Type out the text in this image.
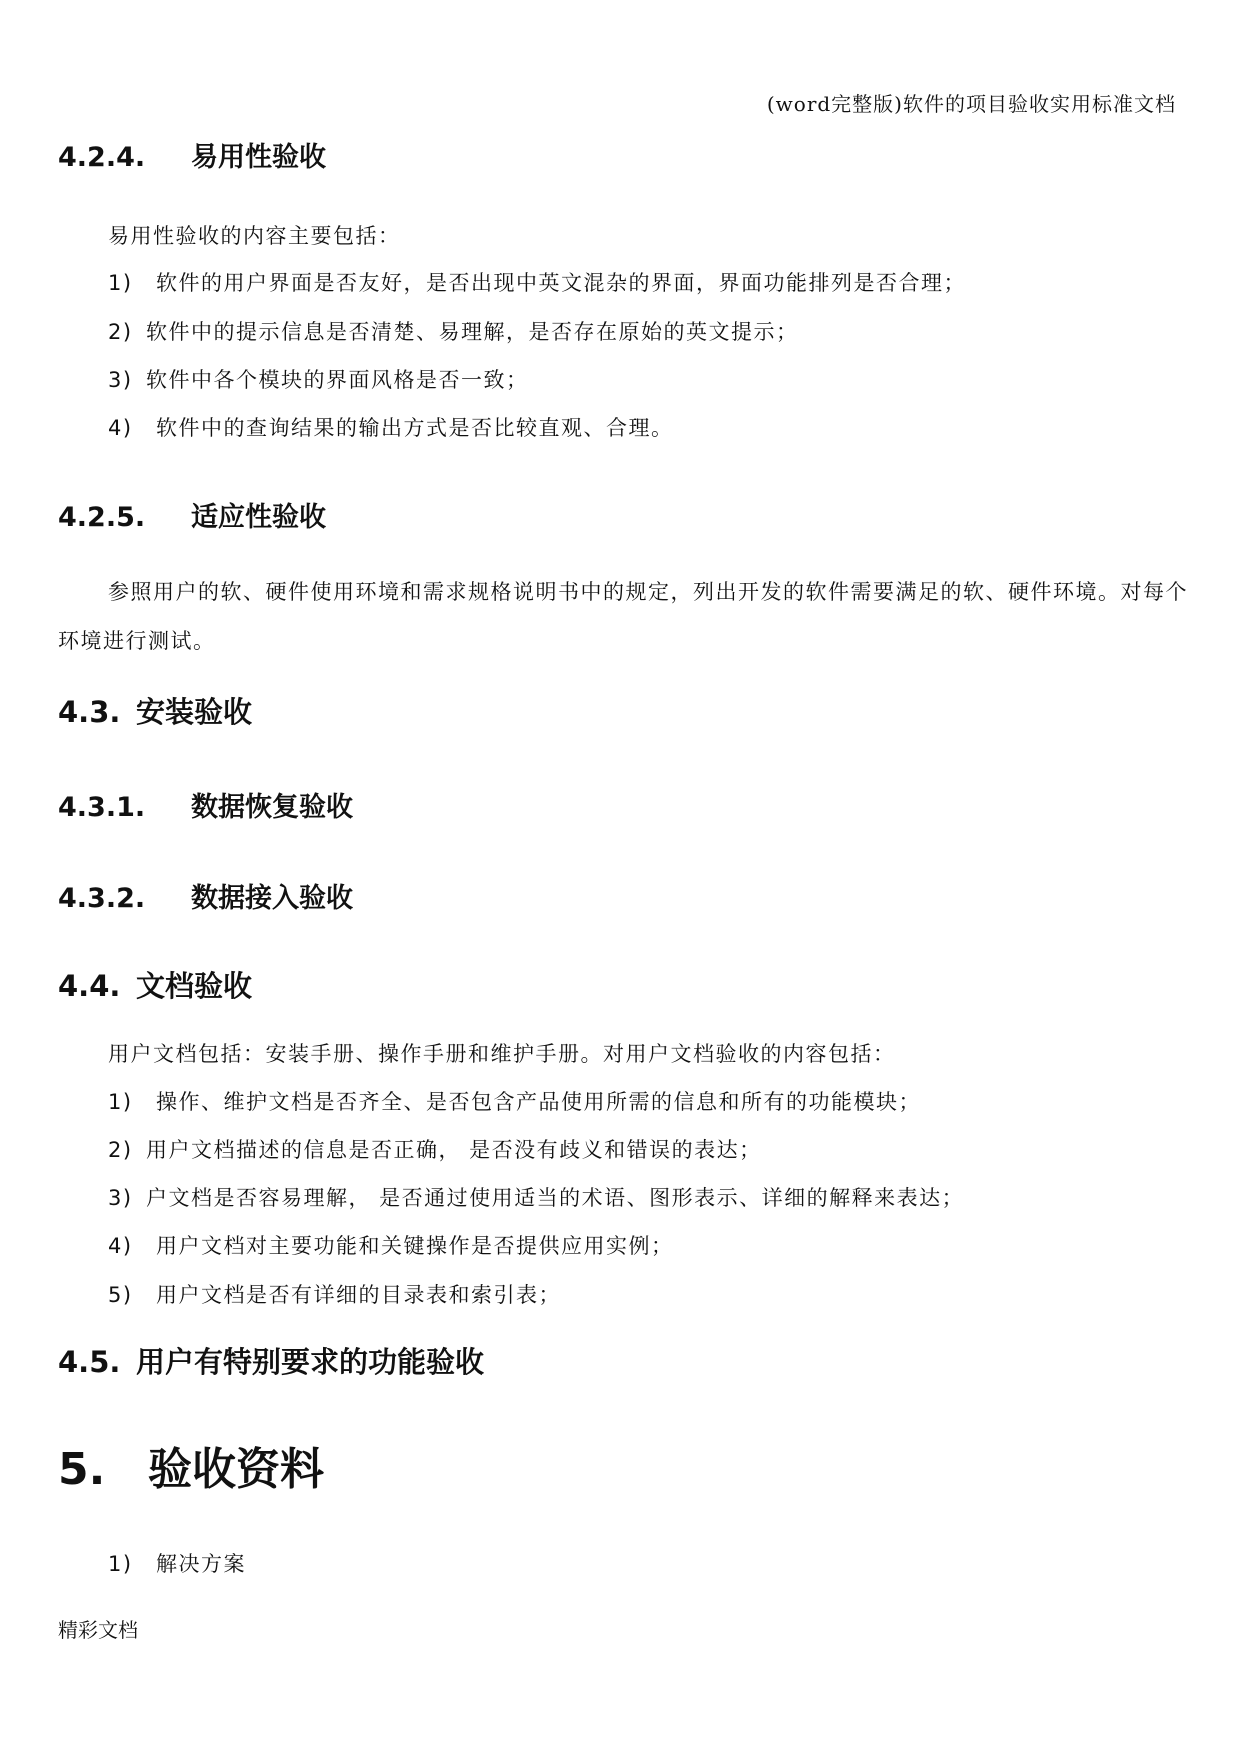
(word完整版)软件的项目验收实用标准文档
4.2.4. 易用性验收
易用性验收的内容主要包括：
1) 软件的用户界面是否友好，是否出现中英文混杂的界面，界面功能排列是否合理；
2) 软件中的提示信息是否清楚、易理解，是否存在原始的英文提示；
3) 软件中各个模块的界面风格是否一致；
4) 软件中的查询结果的输出方式是否比较直观、合理。
4.2.5. 适应性验收
参照用户的软、硬件使用环境和需求规格说明书中的规定，列出开发的软件需要满足的软、硬件环境。对每个环境进行测试。
4.3. 安装验收
4.3.1. 数据恢复验收
4.3.2. 数据接入验收
4.4. 文档验收
用户文档包括：安装手册、操作手册和维护手册。对用户文档验收的内容包括：
1) 操作、维护文档是否齐全、是否包含产品使用所需的信息和所有的功能模块；
2) 用户文档描述的信息是否正确， 是否没有歧义和错误的表达；
3) 户文档是否容易理解， 是否通过使用适当的术语、图形表示、详细的解释来表达；
4) 用户文档对主要功能和关键操作是否提供应用实例；
5) 用户文档是否有详细的目录表和索引表；
4.5. 用户有特别要求的功能验收
5. 验收资料
1) 解决方案
精彩文档
